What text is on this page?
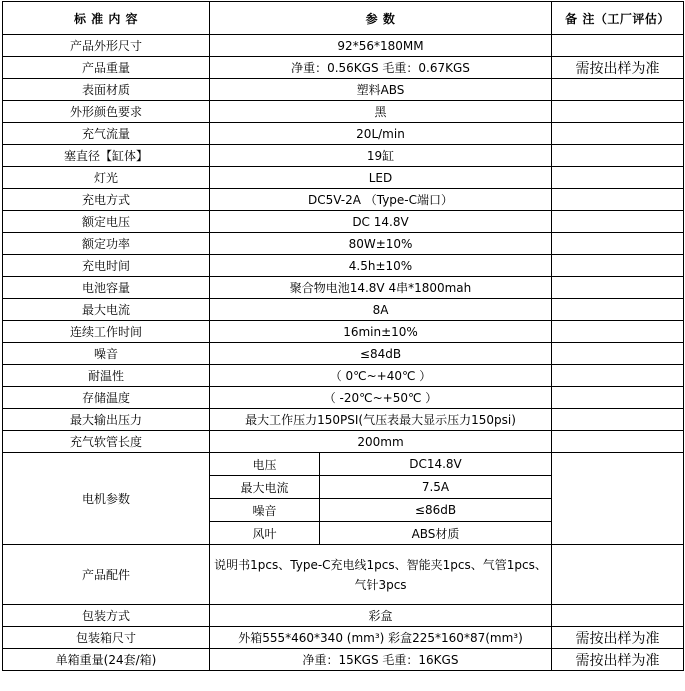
标 准 内 容	参 数		备 注（工厂评估）
产品外形尺寸	92*56*180MM		
产品重量	净重：0.56KGS 毛重：0.67KGS		需按出样为准
表面材质	塑料ABS		
外形颜色要求	黑		
充气流量	20L/min		
塞直径【缸体】	19缸		
灯光	LED		
充电方式	DC5V-2A （Type-C端口）		
额定电压	DC 14.8V		
额定功率	80W±10%		
充电时间	4.5h±10%		
电池容量	聚合物电池14.8V 4串*1800mah		
最大电流	8A		
连续工作时间	16min±10%		
噪音	≤84dB		
耐温性	（ 0℃~+40℃ ）		
存储温度	（ -20℃~+50℃ ）		
最大输出压力	最大工作压力150PSI(气压表最大显示压力150psi)		
充气软管长度	200mm		
电机参数	电压	DC14.8V	
	最大电流	7.5A	
	噪音	≤86dB	
	风叶	ABS材质	
产品配件	说明书1pcs、Type-C充电线1pcs、智能夹1pcs、气管1pcs、气针3pcs		
包装方式	彩盒		
包装箱尺寸	外箱555*460*340 (mm³) 彩盒225*160*87(mm³)		需按出样为准
单箱重量(24套/箱)	净重：15KGS 毛重：16KGS		需按出样为准
